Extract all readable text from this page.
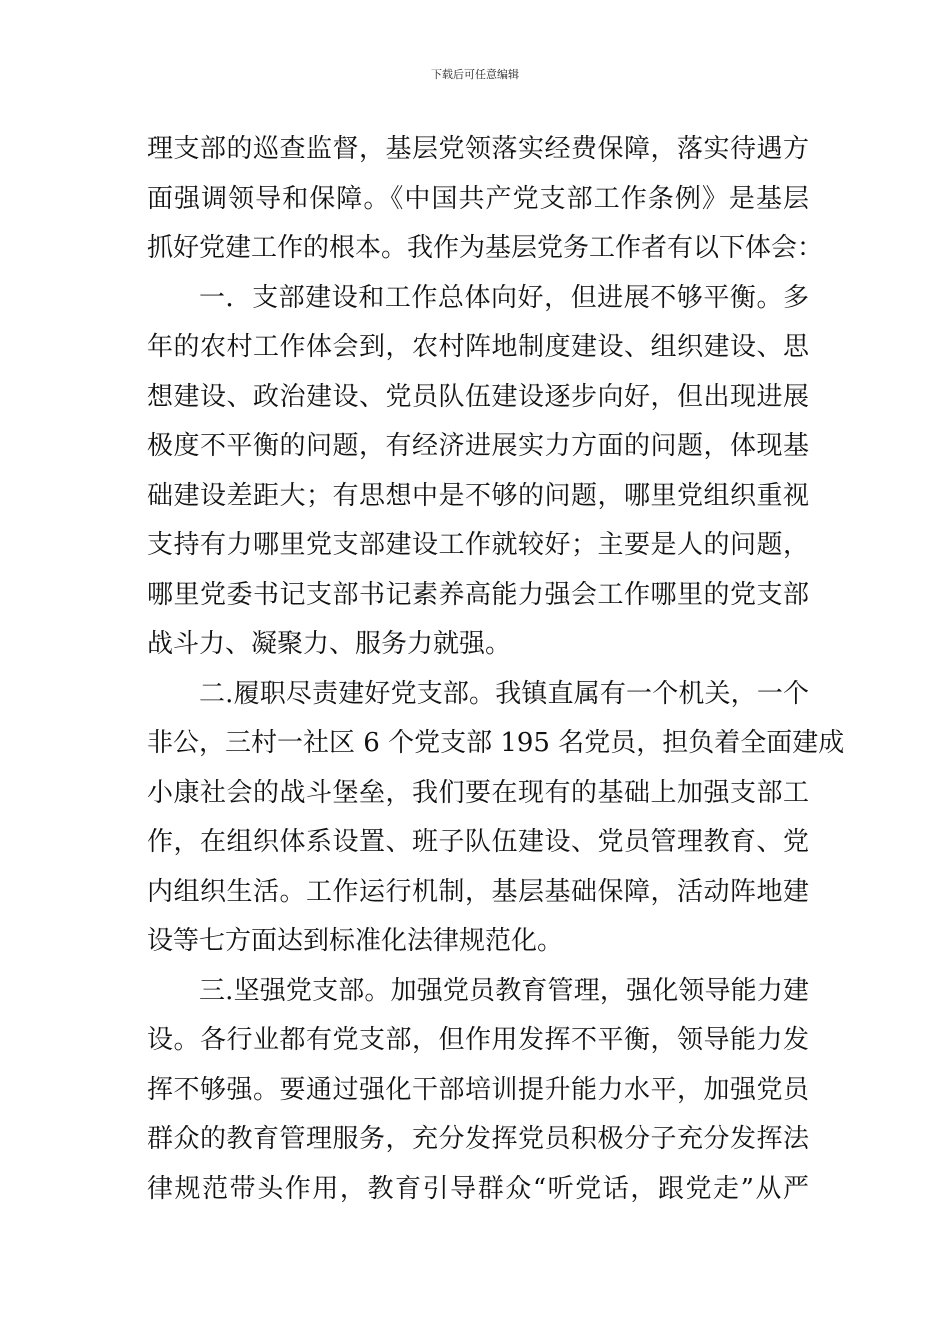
下载后可任意编辑
理支部的巡查监督，基层党领落实经费保障，落实待遇方
面强调领导和保障。《中国共产党支部工作条例》是基层
抓好党建工作的根本。我作为基层党务工作者有以下体会：
一．支部建设和工作总体向好，但进展不够平衡。多
年的农村工作体会到，农村阵地制度建设、组织建设、思
想建设、政治建设、党员队伍建设逐步向好，但出现进展
极度不平衡的问题，有经济进展实力方面的问题，体现基
础建设差距大；有思想中是不够的问题，哪里党组织重视
支持有力哪里党支部建设工作就较好；主要是人的问题，
哪里党委书记支部书记素养高能力强会工作哪里的党支部
战斗力、凝聚力、服务力就强。
二.履职尽责建好党支部。我镇直属有一个机关，一个
非公，三村一社区 6 个党支部 195 名党员，担负着全面建成
小康社会的战斗堡垒，我们要在现有的基础上加强支部工
作，在组织体系设置、班子队伍建设、党员管理教育、党
内组织生活。工作运行机制，基层基础保障，活动阵地建
设等七方面达到标准化法律规范化。
三.坚强党支部。加强党员教育管理，强化领导能力建
设。各行业都有党支部，但作用发挥不平衡，领导能力发
挥不够强。要通过强化干部培训提升能力水平，加强党员
群众的教育管理服务，充分发挥党员积极分子充分发挥法
律规范带头作用，教育引导群众“听党话，跟党走”从严
